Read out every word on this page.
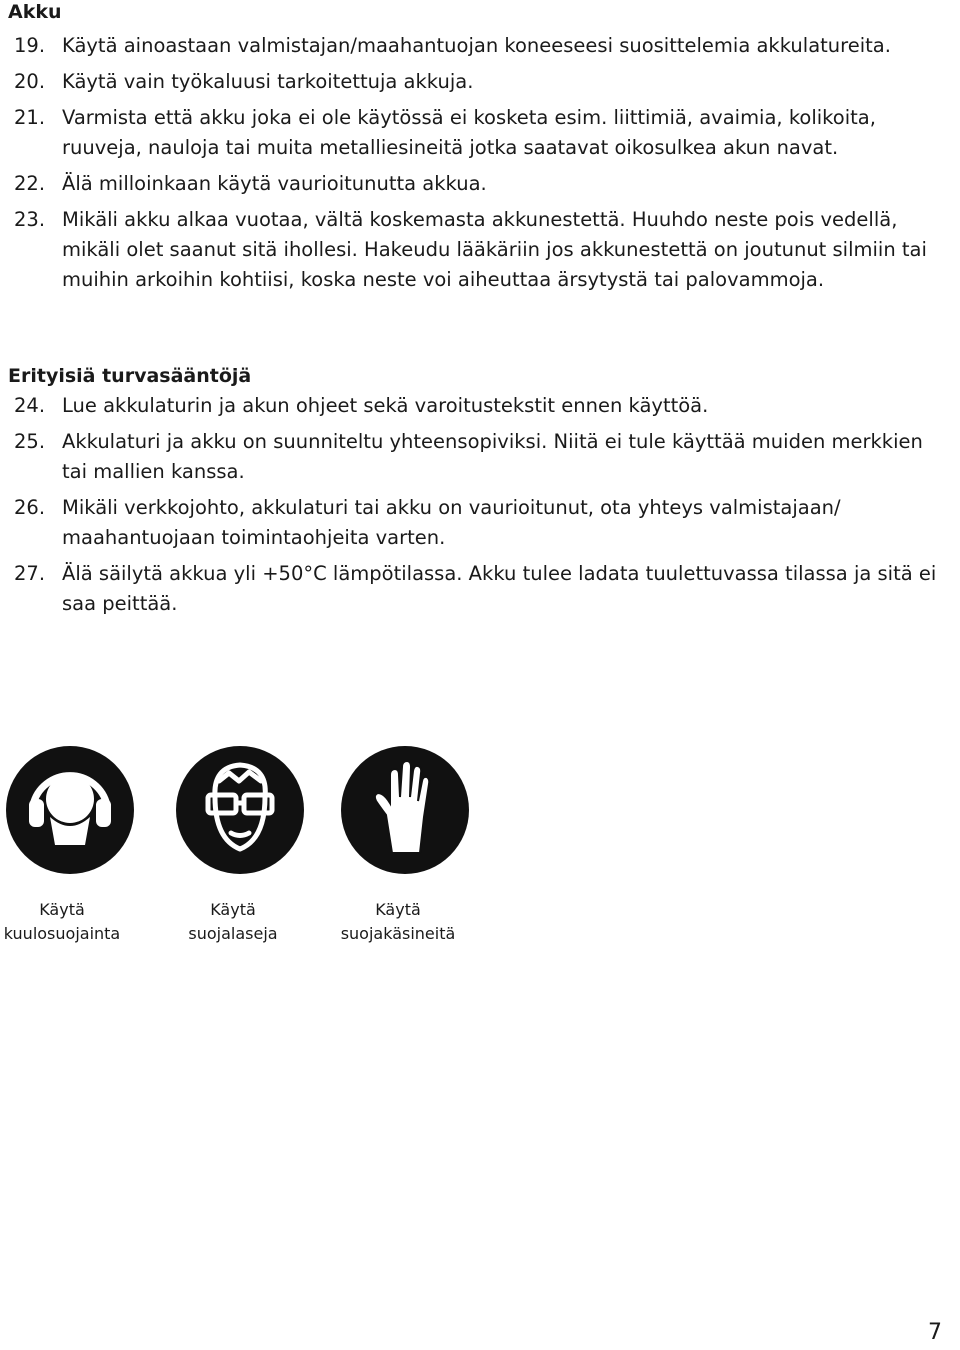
Akku
19. Käytä ainoastaan valmistajan/maahantuojan koneeseesi suosittelemia akkulatureita.
20. Käytä vain työkaluusi tarkoitettuja akkuja.
21. Varmista että akku joka ei ole käytössä ei kosketa esim. liittimiä, avaimia, kolikoita, ruuveja, nauloja tai muita metalliesineitä jotka saatavat oikosulkea akun navat.
22. Älä milloinkaan käytä vaurioitunutta akkua.
23. Mikäli akku alkaa vuotaa, vältä koskemasta akkunestettä. Huuhdo neste pois vedellä, mikäli olet saanut sitä ihollesi. Hakeudu lääkäriin jos akkunestettä on joutunut silmiin tai muihin arkoihin kohtiisi, koska neste voi aiheuttaa ärsytystä tai palovammoja.
Erityisiä turvasääntöjä
24. Lue akkulaturin ja akun ohjeet sekä varoitustekstit ennen käyttöä.
25. Akkulaturi ja akku on suunniteltu yhteensopiviksi. Niitä ei tule käyttää muiden merkkien tai mallien kanssa.
26. Mikäli verkkojohto, akkulaturi tai akku on vaurioitunut, ota yhteys valmistajaan/ maahantuojaan toimintaohjeita varten.
27. Älä säilytä akkua yli +50°C lämpötilassa. Akku tulee ladata tuulettuvassa tilassa ja sitä ei saa peittää.
Käytä
kuulosuojainta
Käytä
suojalaseja
Käytä
suojakäsineitä

7
